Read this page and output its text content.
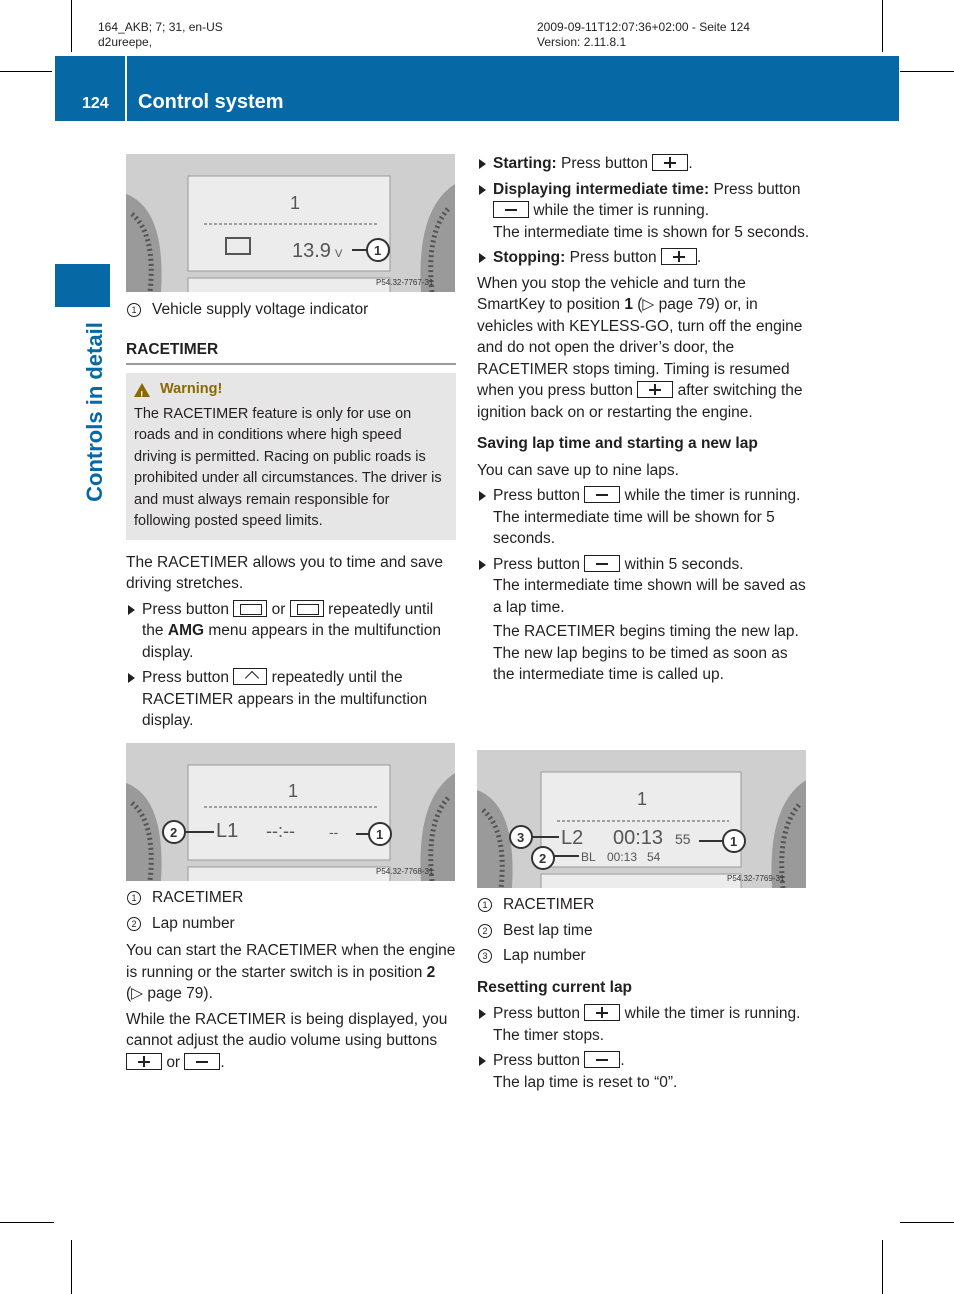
164_AKB; 7; 31, en-US
d2ureepe,
2009-09-11T12:07:36+02:00 - Seite 124
Version: 2.11.8.1
124 Control system
Controls in detail
1
13.9 V 1
P54.32-7767-31
1 Vehicle supply voltage indicator
RACETIMER
!
Warning!
The RACETIMER feature is only for use on roads and in conditions where high speed driving is permitted. Racing on public roads is prohibited under all circumstances. The driver is and must always remain responsible for following posted speed limits.

The RACETIMER allows you to time and save driving stretches.

Press button	or	repeatedly until the AMG menu appears in the multifunction display.
Press button	repeatedly until the RACETIMER appears in the multifunction display.
1
L1 --:-- --	1
2
P54.32-7768-31
1 RACETIMER
2 Lap number

You can start the RACETIMER when the engine is running or the starter switch is in position 2 (▷ page 79).

While the RACETIMER is being displayed, you cannot adjust the audio volume using buttons  or	.

Starting: Press button	.
Displaying intermediate time: Press button  while the timer is running.
The intermediate time is shown for 5 seconds.
Stopping: Press button	.

When you stop the vehicle and turn the SmartKey to position 1 (▷ page 79) or, in vehicles with KEYLESS-GO, turn off the engine and do not open the driver’s door, the RACETIMER stops timing. Timing is resumed when you press button	after switching the ignition back on or restarting the engine.

Saving lap time and starting a new lap

You can save up to nine laps.

Press button	while the timer is running.
The intermediate time will be shown for 5 seconds.
Press button	within 5 seconds.
The intermediate time shown will be saved as a lap time.
The RACETIMER begins timing the new lap. The new lap begins to be timed as soon as the intermediate time is called up.
1
L2 00:13 55
BL 00:13 54
1
2
3
P54.32-7769-31
1 RACETIMER
2 Best lap time
3 Lap number
Resetting current lap
Press button	while the timer is running.
The timer stops.
Press button	.
The lap time is reset to “0”.
